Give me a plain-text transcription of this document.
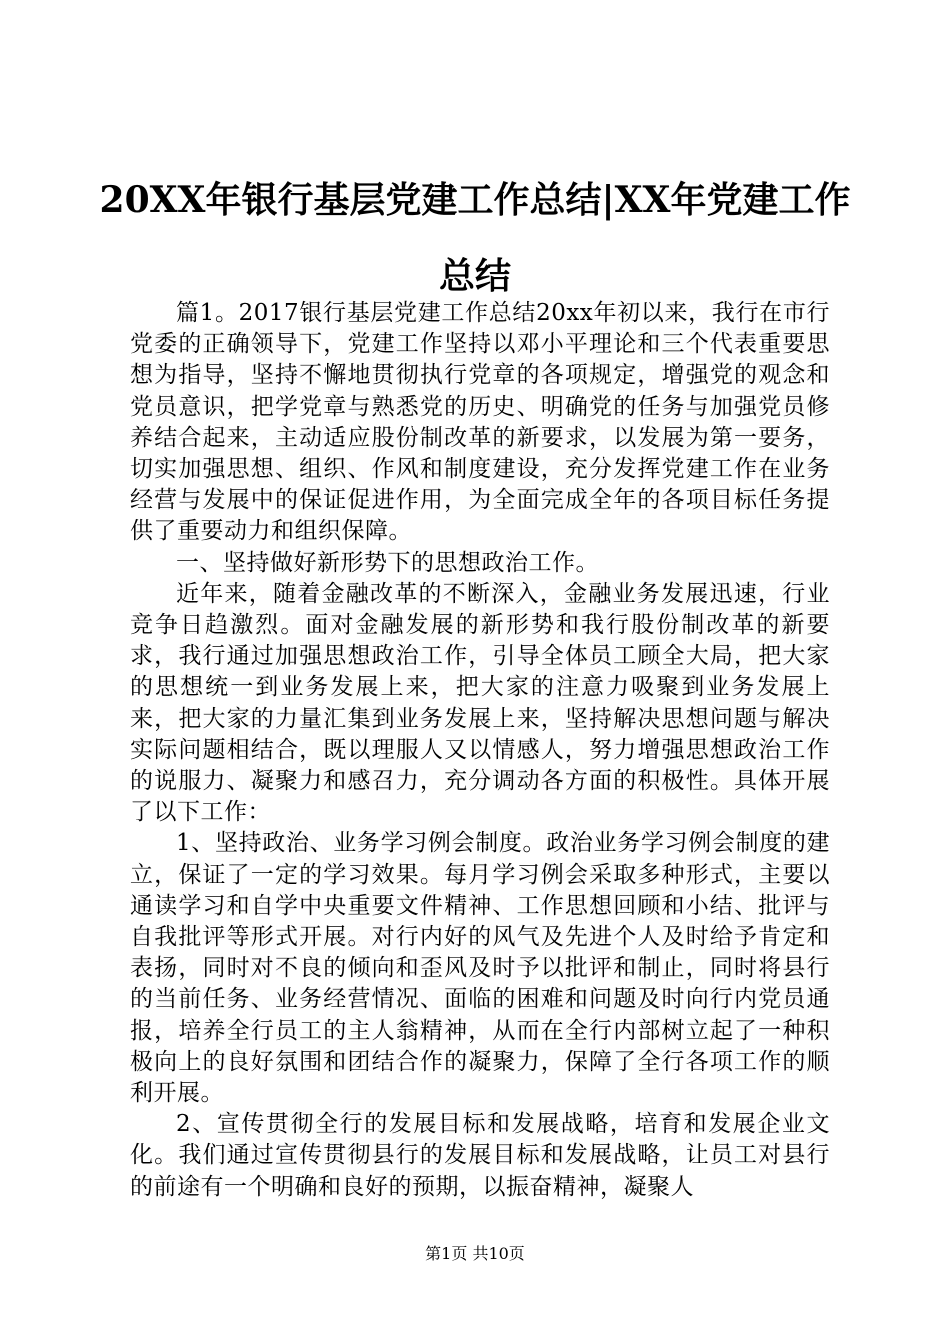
20XX年银行基层党建工作总结|XX年党建工作
总结

篇1。2017银行基层党建工作总结20xx年初以来，我行在市行党委的正确领导下，党建工作坚持以邓小平理论和三个代表重要思想为指导，坚持不懈地贯彻执行党章的各项规定，增强党的观念和党员意识，把学党章与熟悉党的历史、明确党的任务与加强党员修养结合起来，主动适应股份制改革的新要求，以发展为第一要务，切实加强思想、组织、作风和制度建设，充分发挥党建工作在业务经营与发展中的保证促进作用，为全面完成全年的各项目标任务提供了重要动力和组织保障。

一、坚持做好新形势下的思想政治工作。

近年来，随着金融改革的不断深入，金融业务发展迅速，行业竞争日趋激烈。面对金融发展的新形势和我行股份制改革的新要求，我行通过加强思想政治工作，引导全体员工顾全大局，把大家的思想统一到业务发展上来，把大家的注意力吸聚到业务发展上来，把大家的力量汇集到业务发展上来，坚持解决思想问题与解决实际问题相结合，既以理服人又以情感人，努力增强思想政治工作的说服力、凝聚力和感召力，充分调动各方面的积极性。具体开展了以下工作：

1、坚持政治、业务学习例会制度。政治业务学习例会制度的建立，保证了一定的学习效果。每月学习例会采取多种形式，主要以通读学习和自学中央重要文件精神、工作思想回顾和小结、批评与自我批评等形式开展。对行内好的风气及先进个人及时给予肯定和表扬，同时对不良的倾向和歪风及时予以批评和制止，同时将县行的当前任务、业务经营情况、面临的困难和问题及时向行内党员通报，培养全行员工的主人翁精神，从而在全行内部树立起了一种积极向上的良好氛围和团结合作的凝聚力，保障了全行各项工作的顺利开展。

2、宣传贯彻全行的发展目标和发展战略，培育和发展企业文化。我们通过宣传贯彻县行的发展目标和发展战略，让员工对县行的前途有一个明确和良好的预期，以振奋精神，凝聚人

第1页 共10页
